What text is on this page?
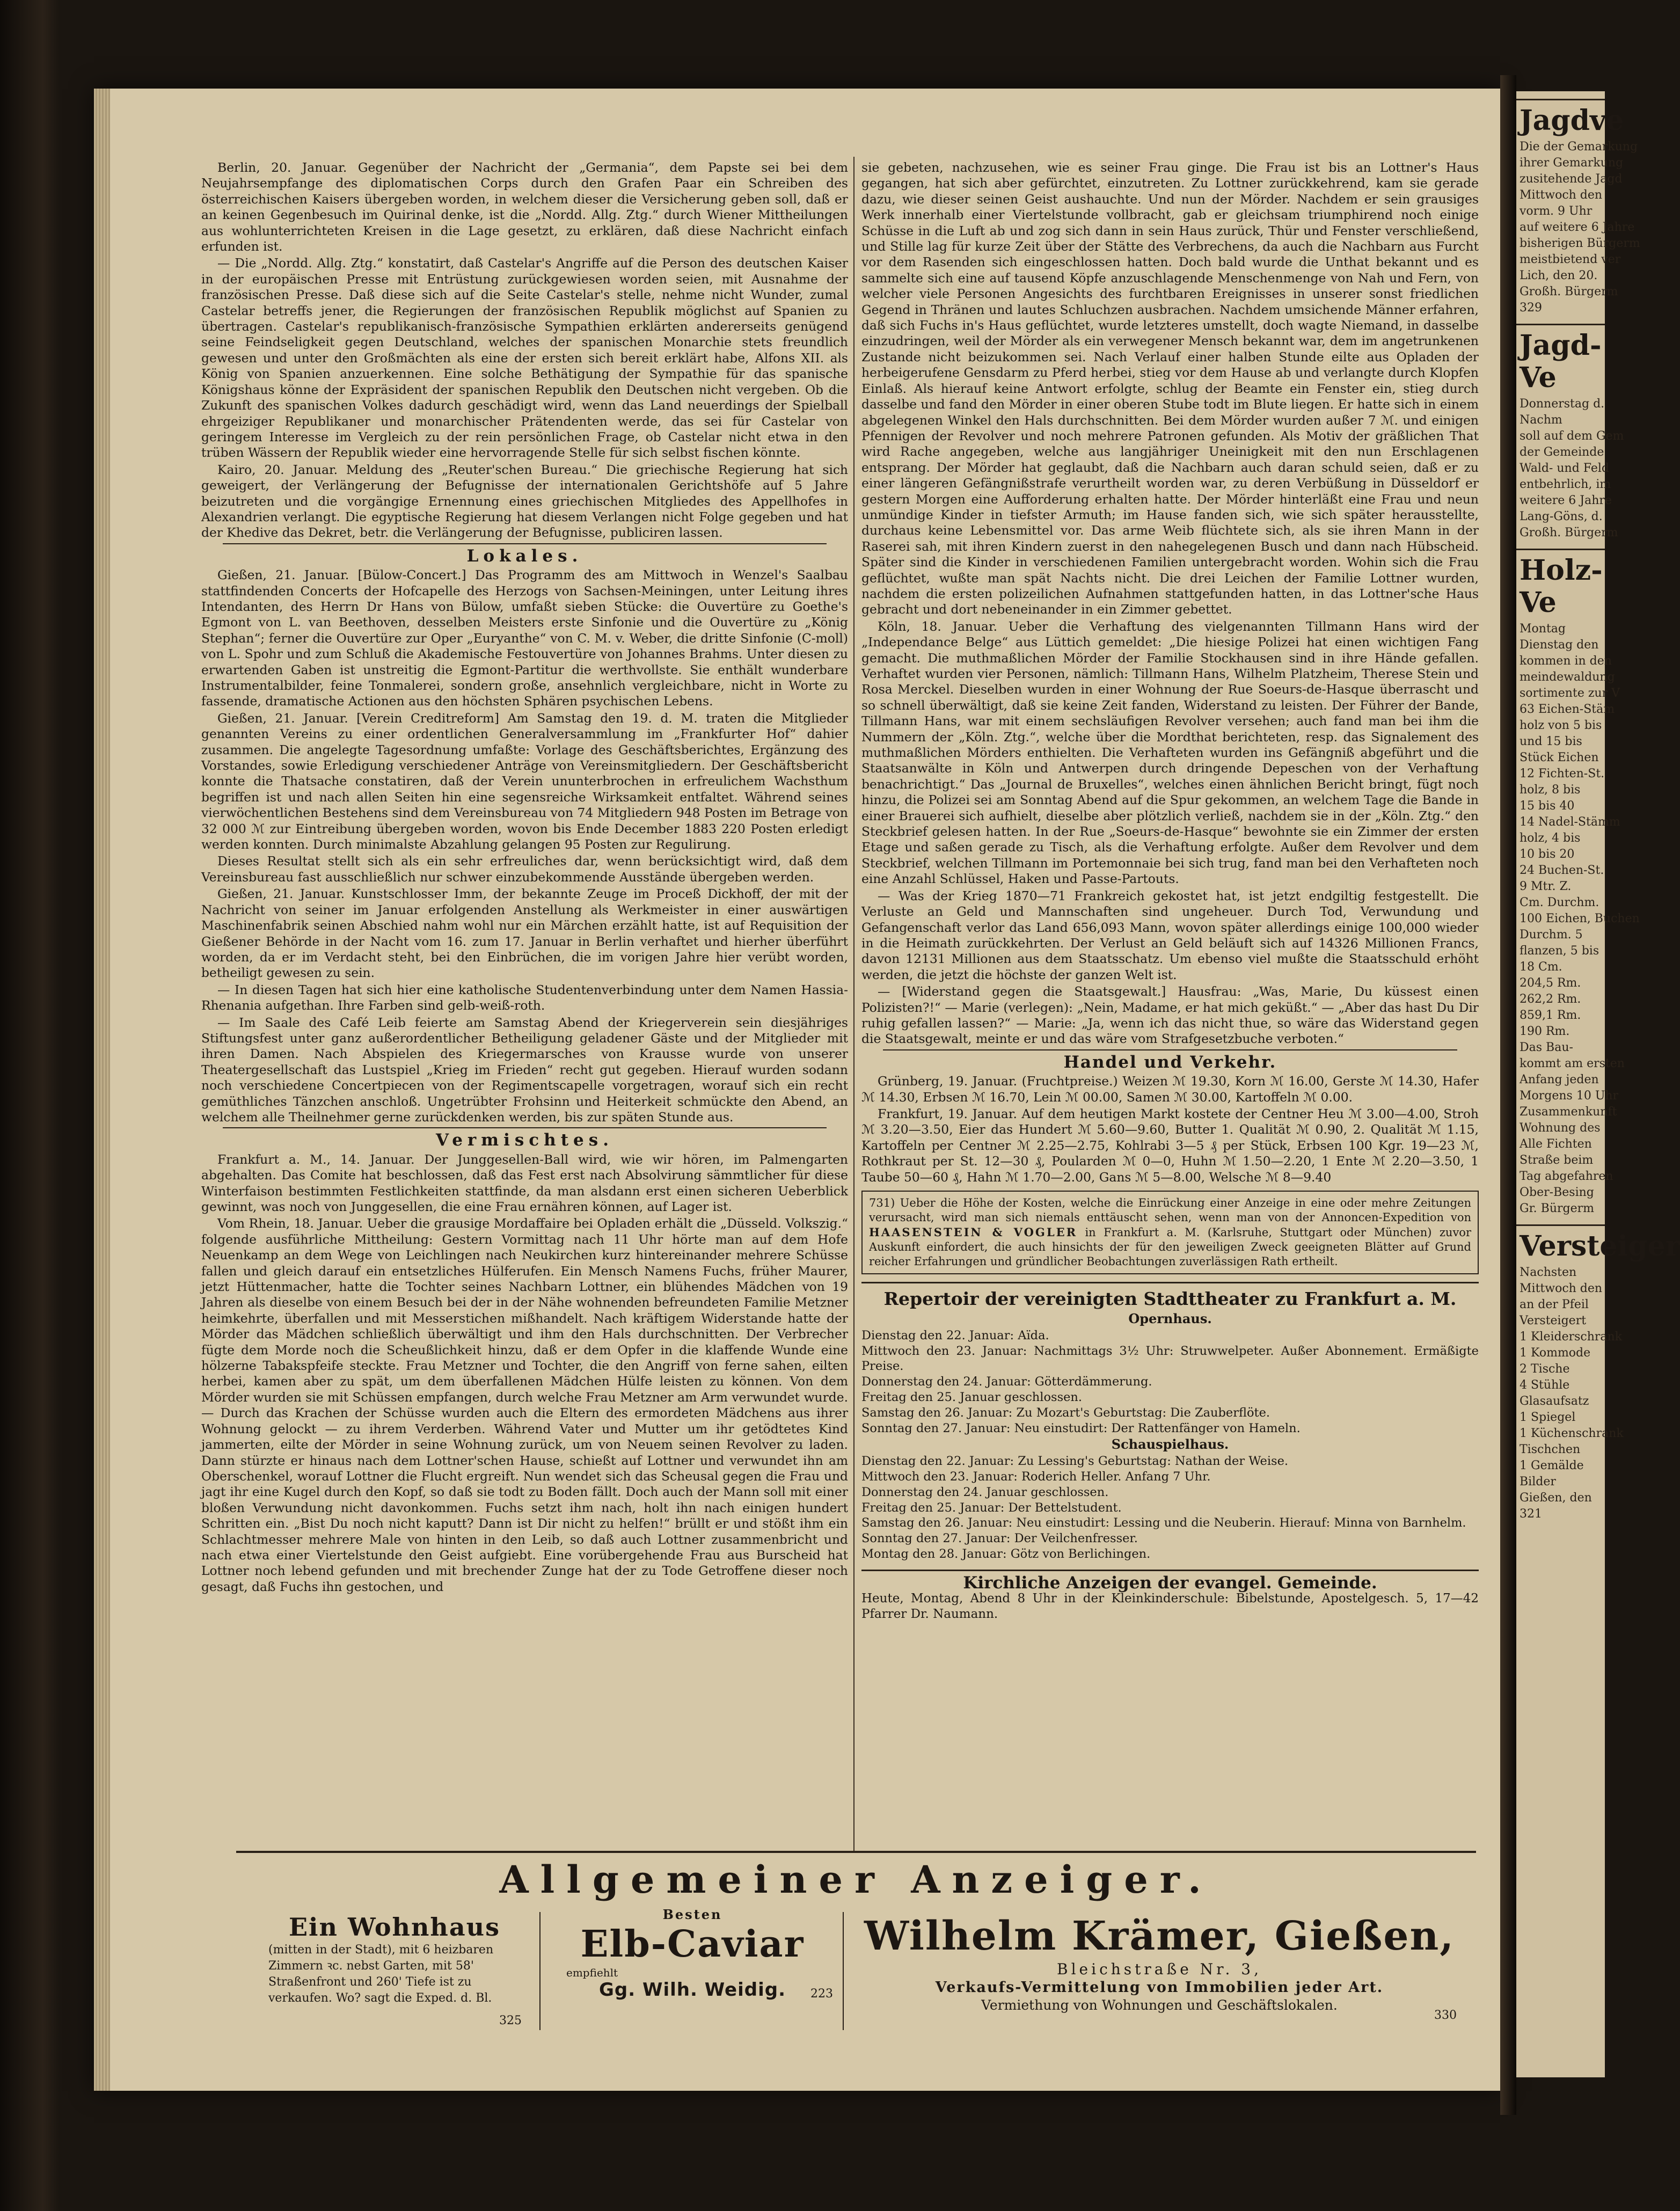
Jagdve
Die der Gemarkung
ihrer Gemarkung
zusitehende Jagd
Mittwoch den
vorm. 9 Uhr
auf weitere 6 Jahre
bisherigen Bürgerm
meistbietend ver
Lich, den 20.
Großh. Bürgerm
329
Jagd-Ve
Donnerstag d.
Nachm
soll auf dem Gem
der Gemeinde
Wald- und Feld
entbehrlich, im
weitere 6 Jahre
Lang-Göns, d.
Großh. Bürgerm
Holz-Ve
Montag
Dienstag den
kommen in den
meindewaldung
sortimente zur V
63 Eichen-Stäm
holz von 5 bis
und 15 bis
Stück Eichen
12 Fichten-St.
holz, 8 bis
15 bis 40
14 Nadel-Stämm
holz, 4 bis
10 bis 20
24 Buchen-St.
9 Mtr. Z.
Cm. Durchm.
100 Eichen, Buchen
Durchm. 5
flanzen, 5 bis
18 Cm.
204,5 Rm.
262,2 Rm.
859,1 Rm.
190 Rm.
Das Bau-
kommt am ersten
Anfang jeden
Morgens 10 Uhr
Zusammenkunft
Wohnung des
Alle Fichten
Straße beim
Tag abgefahren
Ober-Besing
Gr. Bürgerm
Versteiger
Nachsten
Mittwoch den
an der Pfeil
Versteigert
1 Kleiderschrank
1 Kommode
2 Tische
4 Stühle
Glasaufsatz
1 Spiegel
1 Küchenschrank
Tischchen
1 Gemälde
Bilder
Gießen, den
321

Berlin, 20. Januar. Gegenüber der Nachricht der „Germania“, dem Papste sei bei dem Neujahrsempfange des diplomatischen Corps durch den Grafen Paar ein Schreiben des österreichischen Kaisers übergeben worden, in welchem dieser die Versicherung geben soll, daß er an keinen Gegenbesuch im Quirinal denke, ist die „Nordd. Allg. Ztg.“ durch Wiener Mittheilungen aus wohlunterrichteten Kreisen in die Lage gesetzt, zu erklären, daß diese Nachricht einfach erfunden ist.

— Die „Nordd. Allg. Ztg.“ konstatirt, daß Castelar's Angriffe auf die Person des deutschen Kaiser in der europäischen Presse mit Entrüstung zurückgewiesen worden seien, mit Ausnahme der französischen Presse. Daß diese sich auf die Seite Castelar's stelle, nehme nicht Wunder, zumal Castelar betreffs jener, die Regierungen der französischen Republik möglichst auf Spanien zu übertragen. Castelar's republikanisch-französische Sympathien erklärten andererseits genügend seine Feindseligkeit gegen Deutschland, welches der spanischen Monarchie stets freundlich gewesen und unter den Großmächten als eine der ersten sich bereit erklärt habe, Alfons XII. als König von Spanien anzuerkennen. Eine solche Bethätigung der Sympathie für das spanische Königshaus könne der Expräsident der spanischen Republik den Deutschen nicht vergeben. Ob die Zukunft des spanischen Volkes dadurch geschädigt wird, wenn das Land neuerdings der Spielball ehrgeiziger Republikaner und monarchischer Prätendenten werde, das sei für Castelar von geringem Interesse im Vergleich zu der rein persönlichen Frage, ob Castelar nicht etwa in den trüben Wässern der Republik wieder eine hervorragende Stelle für sich selbst fischen könnte.

Kairo, 20. Januar. Meldung des „Reuter'schen Bureau.“ Die griechische Regierung hat sich geweigert, der Verlängerung der Befugnisse der internationalen Gerichtshöfe auf 5 Jahre beizutreten und die vorgängige Ernennung eines griechischen Mitgliedes des Appellhofes in Alexandrien verlangt. Die egyptische Regierung hat diesem Verlangen nicht Folge gegeben und hat der Khedive das Dekret, betr. die Verlängerung der Befugnisse, publiciren lassen.

Lokales.

Gießen, 21. Januar. [Bülow-Concert.] Das Programm des am Mittwoch in Wenzel's Saalbau stattfindenden Concerts der Hofcapelle des Herzogs von Sachsen-Meiningen, unter Leitung ihres Intendanten, des Herrn Dr Hans von Bülow, umfaßt sieben Stücke: die Ouvertüre zu Goethe's Egmont von L. van Beethoven, desselben Meisters erste Sinfonie und die Ouvertüre zu „König Stephan“; ferner die Ouvertüre zur Oper „Euryanthe“ von C. M. v. Weber, die dritte Sinfonie (C-moll) von L. Spohr und zum Schluß die Akademische Festouvertüre von Johannes Brahms. Unter diesen zu erwartenden Gaben ist unstreitig die Egmont-Partitur die werthvollste. Sie enthält wunderbare Instrumentalbilder, feine Tonmalerei, sondern große, ansehnlich vergleichbare, nicht in Worte zu fassende, dramatische Actionen aus den höchsten Sphären psychischen Lebens.

Gießen, 21. Januar. [Verein Creditreform] Am Samstag den 19. d. M. traten die Mitglieder genannten Vereins zu einer ordentlichen Generalversammlung im „Frankfurter Hof“ dahier zusammen. Die angelegte Tagesordnung umfaßte: Vorlage des Geschäftsberichtes, Ergänzung des Vorstandes, sowie Erledigung verschiedener Anträge von Vereinsmitgliedern. Der Geschäftsbericht konnte die Thatsache constatiren, daß der Verein ununterbrochen in erfreulichem Wachsthum begriffen ist und nach allen Seiten hin eine segensreiche Wirksamkeit entfaltet. Während seines vierwöchentlichen Bestehens sind dem Vereinsbureau von 74 Mitgliedern 948 Posten im Betrage von 32 000 ℳ zur Eintreibung übergeben worden, wovon bis Ende December 1883 220 Posten erledigt werden konnten. Durch minimalste Abzahlung gelangen 95 Posten zur Regulirung.

Dieses Resultat stellt sich als ein sehr erfreuliches dar, wenn berücksichtigt wird, daß dem Vereinsbureau fast ausschließlich nur schwer einzubekommende Ausstände übergeben werden.

Gießen, 21. Januar. Kunstschlosser Imm, der bekannte Zeuge im Proceß Dickhoff, der mit der Nachricht von seiner im Januar erfolgenden Anstellung als Werkmeister in einer auswärtigen Maschinenfabrik seinen Abschied nahm wohl nur ein Märchen erzählt hatte, ist auf Requisition der Gießener Behörde in der Nacht vom 16. zum 17. Januar in Berlin verhaftet und hierher überführt worden, da er im Verdacht steht, bei den Einbrüchen, die im vorigen Jahre hier verübt worden, betheiligt gewesen zu sein.

— In diesen Tagen hat sich hier eine katholische Studentenverbindung unter dem Namen Hassia-Rhenania aufgethan. Ihre Farben sind gelb-weiß-roth.

— Im Saale des Café Leib feierte am Samstag Abend der Kriegerverein sein diesjähriges Stiftungsfest unter ganz außerordentlicher Betheiligung geladener Gäste und der Mitglieder mit ihren Damen. Nach Abspielen des Kriegermarsches von Krausse wurde von unserer Theatergesellschaft das Lustspiel „Krieg im Frieden“ recht gut gegeben. Hierauf wurden sodann noch verschiedene Concertpiecen von der Regimentscapelle vorgetragen, worauf sich ein recht gemüthliches Tänzchen anschloß. Ungetrübter Frohsinn und Heiterkeit schmückte den Abend, an welchem alle Theilnehmer gerne zurückdenken werden, bis zur späten Stunde aus.

Vermischtes.

Frankfurt a. M., 14. Januar. Der Junggesellen-Ball wird, wie wir hören, im Palmengarten abgehalten. Das Comite hat beschlossen, daß das Fest erst nach Absolvirung sämmtlicher für diese Winterfaison bestimmten Festlichkeiten stattfinde, da man alsdann erst einen sicheren Ueberblick gewinnt, was noch von Junggesellen, die eine Frau ernähren können, auf Lager ist.

Vom Rhein, 18. Januar. Ueber die grausige Mordaffaire bei Opladen erhält die „Düsseld. Volkszig.“ folgende ausführliche Mittheilung: Gestern Vormittag nach 11 Uhr hörte man auf dem Hofe Neuenkamp an dem Wege von Leichlingen nach Neukirchen kurz hintereinander mehrere Schüsse fallen und gleich darauf ein entsetzliches Hülferufen. Ein Mensch Namens Fuchs, früher Maurer, jetzt Hüttenmacher, hatte die Tochter seines Nachbarn Lottner, ein blühendes Mädchen von 19 Jahren als dieselbe von einem Besuch bei der in der Nähe wohnenden befreundeten Familie Metzner heimkehrte, überfallen und mit Messerstichen mißhandelt. Nach kräftigem Widerstande hatte der Mörder das Mädchen schließlich überwältigt und ihm den Hals durchschnitten. Der Verbrecher fügte dem Morde noch die Scheußlichkeit hinzu, daß er dem Opfer in die klaffende Wunde eine hölzerne Tabakspfeife steckte. Frau Metzner und Tochter, die den Angriff von ferne sahen, eilten herbei, kamen aber zu spät, um dem überfallenen Mädchen Hülfe leisten zu können. Von dem Mörder wurden sie mit Schüssen empfangen, durch welche Frau Metzner am Arm verwundet wurde. — Durch das Krachen der Schüsse wurden auch die Eltern des ermordeten Mädchens aus ihrer Wohnung gelockt — zu ihrem Verderben. Während Vater und Mutter um ihr getödtetes Kind jammerten, eilte der Mörder in seine Wohnung zurück, um von Neuem seinen Revolver zu laden. Dann stürzte er hinaus nach dem Lottner'schen Hause, schießt auf Lottner und verwundet ihn am Oberschenkel, worauf Lottner die Flucht ergreift. Nun wendet sich das Scheusal gegen die Frau und jagt ihr eine Kugel durch den Kopf, so daß sie todt zu Boden fällt. Doch auch der Mann soll mit einer bloßen Verwundung nicht davonkommen. Fuchs setzt ihm nach, holt ihn nach einigen hundert Schritten ein. „Bist Du noch nicht kaputt? Dann ist Dir nicht zu helfen!“ brüllt er und stößt ihm ein Schlachtmesser mehrere Male von hinten in den Leib, so daß auch Lottner zusammenbricht und nach etwa einer Viertelstunde den Geist aufgiebt. Eine vorübergehende Frau aus Burscheid hat Lottner noch lebend gefunden und mit brechender Zunge hat der zu Tode Getroffene dieser noch gesagt, daß Fuchs ihn gestochen, und

sie gebeten, nachzusehen, wie es seiner Frau ginge. Die Frau ist bis an Lottner's Haus gegangen, hat sich aber gefürchtet, einzutreten. Zu Lottner zurückkehrend, kam sie gerade dazu, wie dieser seinen Geist aushauchte. Und nun der Mörder. Nachdem er sein grausiges Werk innerhalb einer Viertelstunde vollbracht, gab er gleichsam triumphirend noch einige Schüsse in die Luft ab und zog sich dann in sein Haus zurück, Thür und Fenster verschließend, und Stille lag für kurze Zeit über der Stätte des Verbrechens, da auch die Nachbarn aus Furcht vor dem Rasenden sich eingeschlossen hatten. Doch bald wurde die Unthat bekannt und es sammelte sich eine auf tausend Köpfe anzuschlagende Menschenmenge von Nah und Fern, von welcher viele Personen Angesichts des furchtbaren Ereignisses in unserer sonst friedlichen Gegend in Thränen und lautes Schluchzen ausbrachen. Nachdem umsichende Männer erfahren, daß sich Fuchs in's Haus geflüchtet, wurde letzteres umstellt, doch wagte Niemand, in dasselbe einzudringen, weil der Mörder als ein verwegener Mensch bekannt war, dem im angetrunkenen Zustande nicht beizukommen sei. Nach Verlauf einer halben Stunde eilte aus Opladen der herbeigerufene Gensdarm zu Pferd herbei, stieg vor dem Hause ab und verlangte durch Klopfen Einlaß. Als hierauf keine Antwort erfolgte, schlug der Beamte ein Fenster ein, stieg durch dasselbe und fand den Mörder in einer oberen Stube todt im Blute liegen. Er hatte sich in einem abgelegenen Winkel den Hals durchschnitten. Bei dem Mörder wurden außer 7 ℳ. und einigen Pfennigen der Revolver und noch mehrere Patronen gefunden. Als Motiv der gräßlichen That wird Rache angegeben, welche aus langjähriger Uneinigkeit mit den nun Erschlagenen entsprang. Der Mörder hat geglaubt, daß die Nachbarn auch daran schuld seien, daß er zu einer längeren Gefängnißstrafe verurtheilt worden war, zu deren Verbüßung in Düsseldorf er gestern Morgen eine Aufforderung erhalten hatte. Der Mörder hinterläßt eine Frau und neun unmündige Kinder in tiefster Armuth; im Hause fanden sich, wie sich später herausstellte, durchaus keine Lebensmittel vor. Das arme Weib flüchtete sich, als sie ihren Mann in der Raserei sah, mit ihren Kindern zuerst in den nahegelegenen Busch und dann nach Hübscheid. Später sind die Kinder in verschiedenen Familien untergebracht worden. Wohin sich die Frau geflüchtet, wußte man spät Nachts nicht. Die drei Leichen der Familie Lottner wurden, nachdem die ersten polizeilichen Aufnahmen stattgefunden hatten, in das Lottner'sche Haus gebracht und dort nebeneinander in ein Zimmer gebettet.

Köln, 18. Januar. Ueber die Verhaftung des vielgenannten Tillmann Hans wird der „Independance Belge“ aus Lüttich gemeldet: „Die hiesige Polizei hat einen wichtigen Fang gemacht. Die muthmaßlichen Mörder der Familie Stockhausen sind in ihre Hände gefallen. Verhaftet wurden vier Personen, nämlich: Tillmann Hans, Wilhelm Platzheim, Therese Stein und Rosa Merckel. Dieselben wurden in einer Wohnung der Rue Soeurs-de-Hasque überrascht und so schnell überwältigt, daß sie keine Zeit fanden, Widerstand zu leisten. Der Führer der Bande, Tillmann Hans, war mit einem sechsläufigen Revolver versehen; auch fand man bei ihm die Nummern der „Köln. Ztg.“, welche über die Mordthat berichteten, resp. das Signalement des muthmaßlichen Mörders enthielten. Die Verhafteten wurden ins Gefängniß abgeführt und die Staatsanwälte in Köln und Antwerpen durch dringende Depeschen von der Verhaftung benachrichtigt.“ Das „Journal de Bruxelles“, welches einen ähnlichen Bericht bringt, fügt noch hinzu, die Polizei sei am Sonntag Abend auf die Spur gekommen, an welchem Tage die Bande in einer Brauerei sich aufhielt, dieselbe aber plötzlich verließ, nachdem sie in der „Köln. Ztg.“ den Steckbrief gelesen hatten. In der Rue „Soeurs-de-Hasque“ bewohnte sie ein Zimmer der ersten Etage und saßen gerade zu Tisch, als die Verhaftung erfolgte. Außer dem Revolver und dem Steckbrief, welchen Tillmann im Portemonnaie bei sich trug, fand man bei den Verhafteten noch eine Anzahl Schlüssel, Haken und Passe-Partouts.

— Was der Krieg 1870—71 Frankreich gekostet hat, ist jetzt endgiltig festgestellt. Die Verluste an Geld und Mannschaften sind ungeheuer. Durch Tod, Verwundung und Gefangenschaft verlor das Land 656,093 Mann, wovon später allerdings einige 100,000 wieder in die Heimath zurückkehrten. Der Verlust an Geld beläuft sich auf 14326 Millionen Francs, davon 12131 Millionen aus dem Staatsschatz. Um ebenso viel mußte die Staatsschuld erhöht werden, die jetzt die höchste der ganzen Welt ist.

— [Widerstand gegen die Staatsgewalt.] Hausfrau: „Was, Marie, Du küssest einen Polizisten?!“ — Marie (verlegen): „Nein, Madame, er hat mich geküßt.“ — „Aber das hast Du Dir ruhig gefallen lassen?“ — Marie: „Ja, wenn ich das nicht thue, so wäre das Widerstand gegen die Staatsgewalt, meinte er und das wäre vom Strafgesetzbuche verboten.“

Handel und Verkehr.

Grünberg, 19. Januar. (Fruchtpreise.) Weizen ℳ 19.30, Korn ℳ 16.00, Gerste ℳ 14.30, Hafer ℳ 14.30, Erbsen ℳ 16.70, Lein ℳ 00.00, Samen ℳ 30.00, Kartoffeln ℳ 0.00.

Frankfurt, 19. Januar. Auf dem heutigen Markt kostete der Centner Heu ℳ 3.00—4.00, Stroh ℳ 3.20—3.50, Eier das Hundert ℳ 5.60—9.60, Butter 1. Qualität ℳ 0.90, 2. Qualität ℳ 1.15, Kartoffeln per Centner ℳ 2.25—2.75, Kohlrabi 3—5 ₰ per Stück, Erbsen 100 Kgr. 19—23 ℳ, Rothkraut per St. 12—30 ₰, Poularden ℳ 0—0, Huhn ℳ 1.50—2.20, 1 Ente ℳ 2.20—3.50, 1 Taube 50—60 ₰, Hahn ℳ 1.70—2.00, Gans ℳ 5—8.00, Welsche ℳ 8—9.40

731) Ueber die Höhe der Kosten, welche die Einrückung einer Anzeige in eine oder mehre Zeitungen verursacht, wird man sich niemals enttäuscht sehen, wenn man von der Annoncen-Expedition von HAASENSTEIN & VOGLER in Frankfurt a. M. (Karlsruhe, Stuttgart oder München) zuvor Auskunft einfordert, die auch hinsichts der für den jeweiligen Zweck geeigneten Blätter auf Grund reicher Erfahrungen und gründlicher Beobachtungen zuverlässigen Rath ertheilt.
Repertoir der vereinigten Stadttheater zu Frankfurt a. M.
Opernhaus.
Dienstag den 22. Januar: Aïda.
Mittwoch den 23. Januar: Nachmittags 3½ Uhr: Struwwelpeter. Außer Abonnement. Ermäßigte Preise.
Donnerstag den 24. Januar: Götterdämmerung.
Freitag den 25. Januar geschlossen.
Samstag den 26. Januar: Zu Mozart's Geburtstag: Die Zauberflöte.
Sonntag den 27. Januar: Neu einstudirt: Der Rattenfänger von Hameln.
Schauspielhaus.
Dienstag den 22. Januar: Zu Lessing's Geburtstag: Nathan der Weise.
Mittwoch den 23. Januar: Roderich Heller. Anfang 7 Uhr.
Donnerstag den 24. Januar geschlossen.
Freitag den 25. Januar: Der Bettelstudent.
Samstag den 26. Januar: Neu einstudirt: Lessing und die Neuberin. Hierauf: Minna von Barnhelm.
Sonntag den 27. Januar: Der Veilchenfresser.
Montag den 28. Januar: Götz von Berlichingen.
Kirchliche Anzeigen der evangel. Gemeinde.
Heute, Montag, Abend 8 Uhr in der Kleinkinderschule: Bibelstunde, Apostelgesch. 5, 17—42 Pfarrer Dr. Naumann.
Allgemeiner Anzeiger.
Ein Wohnhaus
(mitten in der Stadt), mit 6 heizbaren Zimmern ꝛc. nebst Garten, mit 58' Straßenfront und 260' Tiefe ist zu verkaufen. Wo? sagt die Exped. d. Bl.
325
Besten
Elb-Caviar
empfiehlt
Gg. Wilh. Weidig.	223
Wilhelm Krämer, Gießen,
Bleichstraße Nr. 3,
Verkaufs-Vermittelung von Immobilien jeder Art.
Vermiethung von Wohnungen und Geschäftslokalen.
330
